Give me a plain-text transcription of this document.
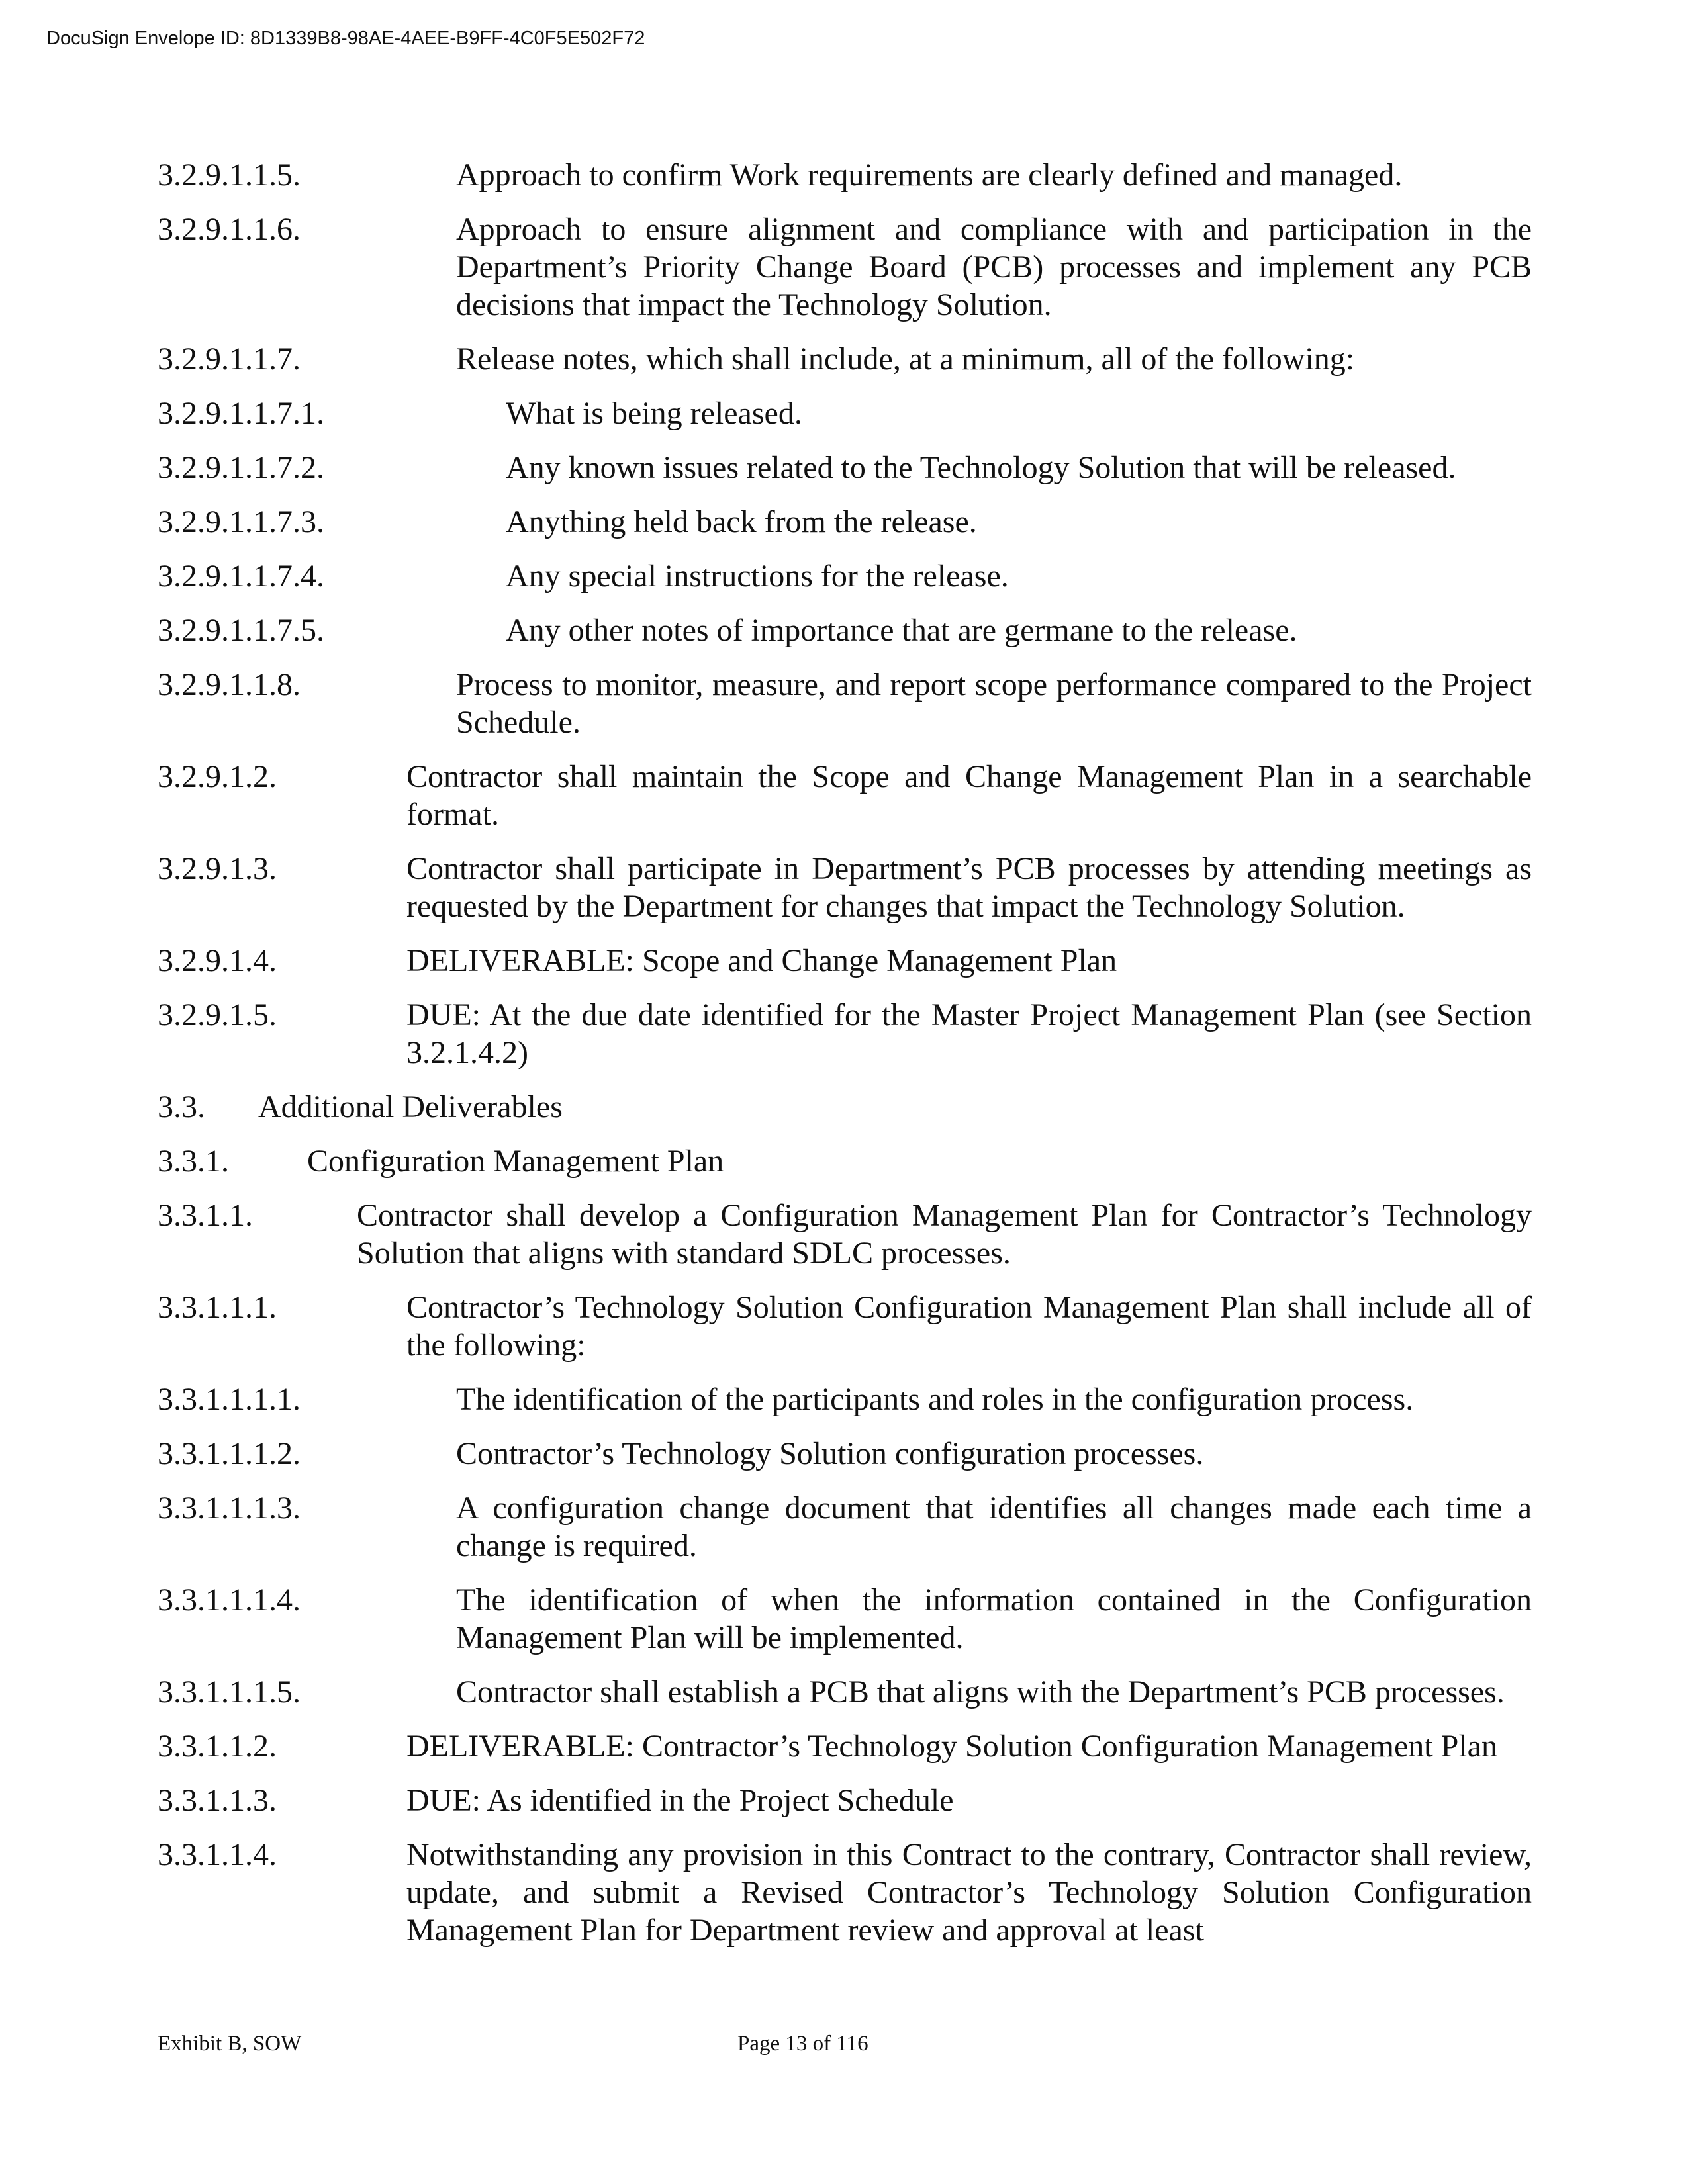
DocuSign Envelope ID: 8D1339B8-98AE-4AEE-B9FF-4C0F5E502F72
3.2.9.1.1.5.	Approach to confirm Work requirements are clearly defined and managed.
3.2.9.1.1.6.	Approach to ensure alignment and compliance with and participation in the Department’s Priority Change Board (PCB) processes and implement any PCB decisions that impact the Technology Solution.
3.2.9.1.1.7.	Release notes, which shall include, at a minimum, all of the following:
3.2.9.1.1.7.1.	What is being released.
3.2.9.1.1.7.2.	Any known issues related to the Technology Solution that will be released.
3.2.9.1.1.7.3.	Anything held back from the release.
3.2.9.1.1.7.4.	Any special instructions for the release.
3.2.9.1.1.7.5.	Any other notes of importance that are germane to the release.
3.2.9.1.1.8.	Process to monitor, measure, and report scope performance compared to the Project Schedule.
3.2.9.1.2.	Contractor shall maintain the Scope and Change Management Plan in a searchable format.
3.2.9.1.3.	Contractor shall participate in Department’s PCB processes by attending meetings as requested by the Department for changes that impact the Technology Solution.
3.2.9.1.4.	DELIVERABLE: Scope and Change Management Plan
3.2.9.1.5.	DUE: At the due date identified for the Master Project Management Plan (see Section 3.2.1.4.2)
3.3.	Additional Deliverables
3.3.1.	Configuration Management Plan
3.3.1.1.	Contractor shall develop a Configuration Management Plan for Contractor’s Technology Solution that aligns with standard SDLC processes.
3.3.1.1.1.	Contractor’s Technology Solution Configuration Management Plan shall include all of the following:
3.3.1.1.1.1.	The identification of the participants and roles in the configuration process.
3.3.1.1.1.2.	Contractor’s Technology Solution configuration processes.
3.3.1.1.1.3.	A configuration change document that identifies all changes made each time a change is required.
3.3.1.1.1.4.	The identification of when the information contained in the Configuration Management Plan will be implemented.
3.3.1.1.1.5.	Contractor shall establish a PCB that aligns with the Department’s PCB processes.
3.3.1.1.2.	DELIVERABLE: Contractor’s Technology Solution Configuration Management Plan
3.3.1.1.3.	DUE: As identified in the Project Schedule
3.3.1.1.4.	Notwithstanding any provision in this Contract to the contrary, Contractor shall review, update, and submit a Revised Contractor’s Technology Solution Configuration Management Plan for Department review and approval at least
Exhibit B, SOW	Page 13 of 116
